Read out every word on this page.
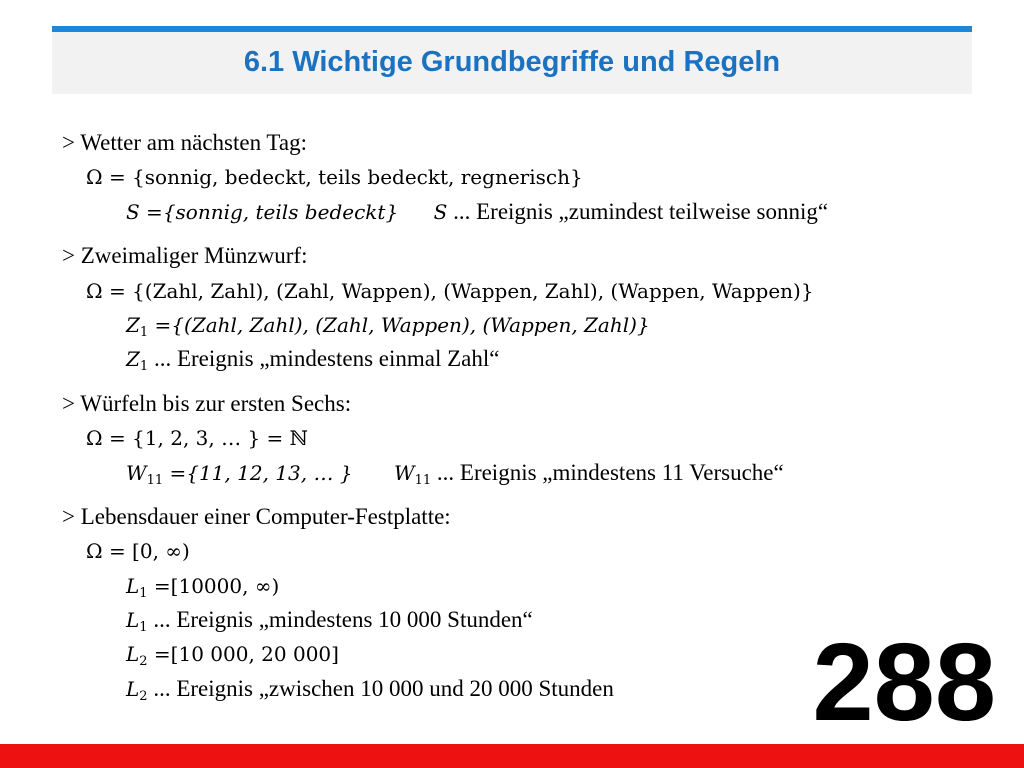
6.1 Wichtige Grundbegriffe und Regeln
> Wetter am nächsten Tag:
Ω = {sonnig, bedeckt, teils bedeckt, regnerisch}
S ={sonnig, teils bedeckt} S ... Ereignis „zumindest teilweise sonnig“
> Zweimaliger Münzwurf:
Ω = {(Zahl, Zahl), (Zahl, Wappen), (Wappen, Zahl), (Wappen, Wappen)}
$Z_1$ ={(Zahl, Zahl), (Zahl, Wappen), (Wappen, Zahl)}
$Z_1$ ... Ereignis „mindestens einmal Zahl“
> Würfeln bis zur ersten Sechs:
Ω = {1, 2, 3, … } = ℕ
$W_{11} =\{11$, 12, 13, … } $W_{11}$ ... Ereignis „mindestens 11 Versuche“
> Lebensdauer einer Computer-Festplatte:
Ω = [0, ∞)
$L_1 =[10000$, ∞)
$L_1$ ... Ereignis „mindestens 10 000 Stunden“
$L_2 =[10$ 000, 20 000]
$L_2$ ... Ereignis „zwischen 10 000 und 20 000 Stunden	288
